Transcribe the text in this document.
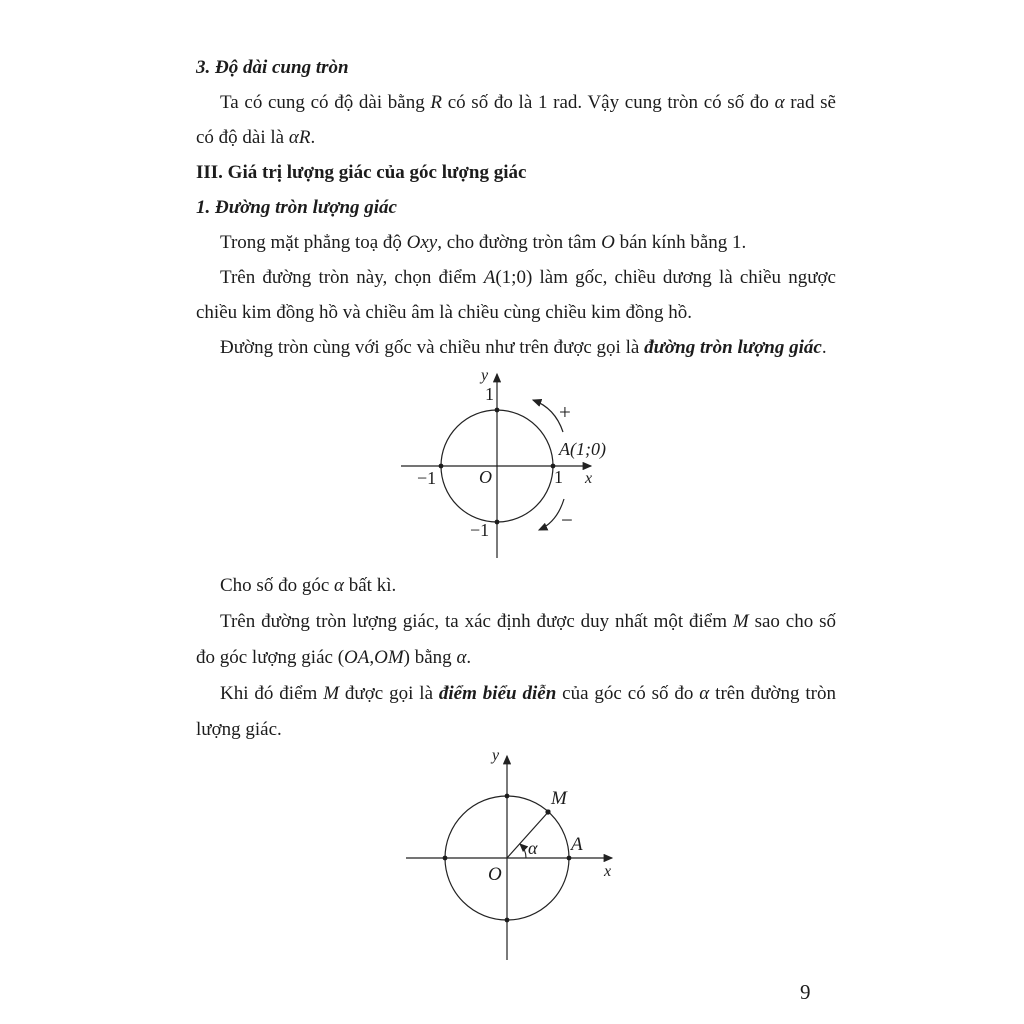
3. Độ dài cung tròn
Ta có cung có độ dài bằng R có số đo là 1 rad. Vậy cung tròn có số đo α rad sẽ có độ dài là αR.
III. Giá trị lượng giác của góc lượng giác
1. Đường tròn lượng giác
Trong mặt phẳng toạ độ Oxy, cho đường tròn tâm O bán kính bằng 1.
Trên đường tròn này, chọn điểm A(1;0) làm gốc, chiều dương là chiều ngược chiều kim đồng hồ và chiều âm là chiều cùng chiều kim đồng hồ.
Đường tròn cùng với gốc và chiều như trên được gọi là đường tròn lượng giác.
y
x
1
−1	1
−1
O
A(1;0)
+
−
Cho số đo góc α bất kì.
Trên đường tròn lượng giác, ta xác định được duy nhất một điểm M sao cho số đo góc lượng giác (OA,OM) bằng α.
Khi đó điểm M được gọi là điểm biểu diễn của góc có số đo α trên đường tròn lượng giác.
y
x
O
M
A
α
9
